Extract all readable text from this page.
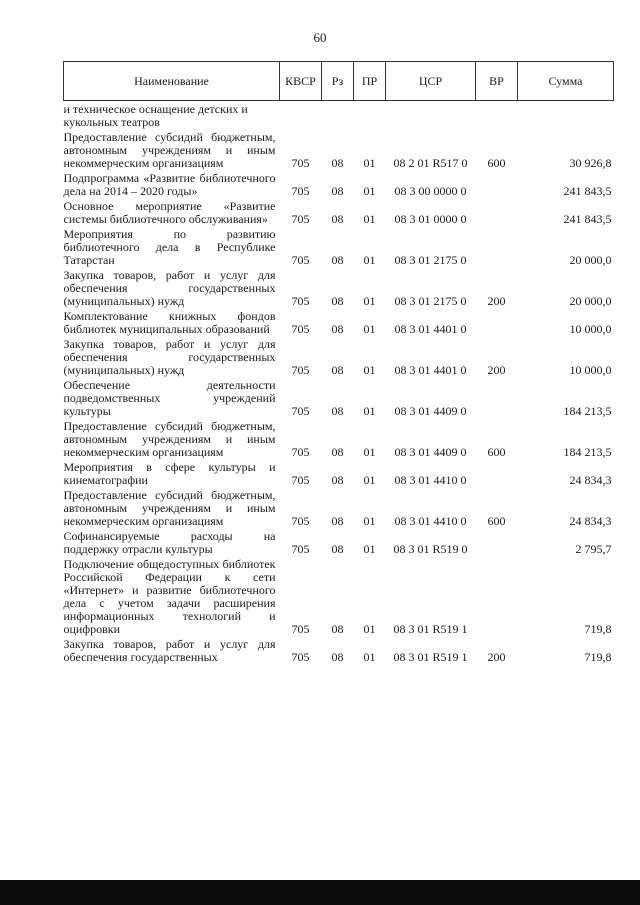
60
Наименование	КВСР	Рз	ПР	ЦСР	ВР	Сумма
и техническое оснащение детских и кукольных театров						
Предоставление субсидий бюджетным, автономным учреждениям и иным некоммерческим организациям	705	08	01	08 2 01 R517 0	600	30 926,8
Подпрограмма «Развитие библиотечного дела на 2014 – 2020 годы»	705	08	01	08 3 00 0000 0		241 843,5
Основное мероприятие «Развитие системы библиотечного обслуживания»	705	08	01	08 3 01 0000 0		241 843,5
Мероприятия по развитию библиотечного дела в Республике Татарстан	705	08	01	08 3 01 2175 0		20 000,0
Закупка товаров, работ и услуг для обеспечения государственных (муниципальных) нужд	705	08	01	08 3 01 2175 0	200	20 000,0
Комплектование книжных фондов библиотек муниципальных образований	705	08	01	08 3 01 4401 0		10 000,0
Закупка товаров, работ и услуг для обеспечения государственных (муниципальных) нужд	705	08	01	08 3 01 4401 0	200	10 000,0
Обеспечение деятельности подведомственных учреждений культуры	705	08	01	08 3 01 4409 0		184 213,5
Предоставление субсидий бюджетным, автономным учреждениям и иным некоммерческим организациям	705	08	01	08 3 01 4409 0	600	184 213,5
Мероприятия в сфере культуры и кинематографии	705	08	01	08 3 01 4410 0		24 834,3
Предоставление субсидий бюджетным, автономным учреждениям и иным некоммерческим организациям	705	08	01	08 3 01 4410 0	600	24 834,3
Софинансируемые расходы на поддержку отрасли культуры	705	08	01	08 3 01 R519 0		2 795,7
Подключение общедоступных библиотек Российской Федерации к сети «Интернет» и развитие библиотечного дела с учетом задачи расширения информационных технологий и оцифровки	705	08	01	08 3 01 R519 1		719,8
Закупка товаров, работ и услуг для обеспечения государственных	705	08	01	08 3 01 R519 1	200	719,8
